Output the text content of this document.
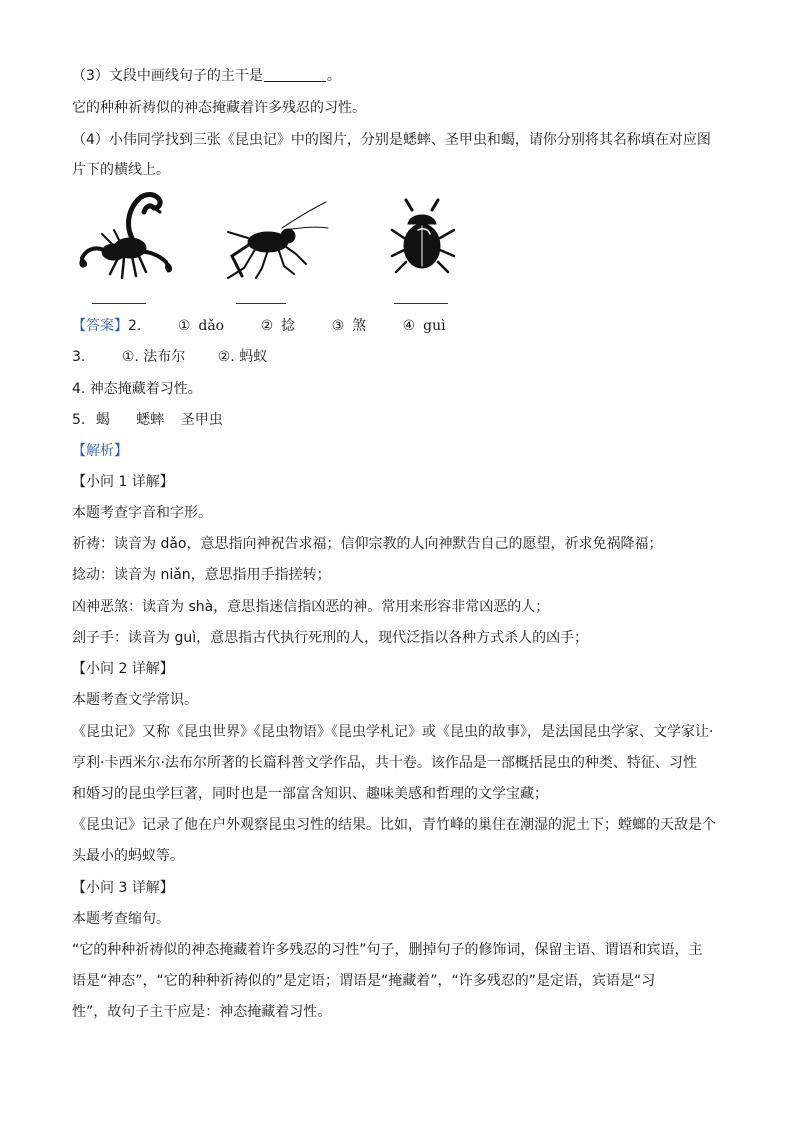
（3）文段中画线句子的主干是	。
它的种种祈祷似的神态掩藏着许多残忍的习性。
（4）小伟同学找到三张《昆虫记》中的图片，分别是蟋蟀、圣甲虫和蝎，请你分别将其名称填在对应图
片下的横线上。
【答案】2.	① dǎo	② 捻	③ 煞	④ guì
3.	①. 法布尔 ②. 蚂蚁
4. 神态掩藏着习性。
5. 蝎 蟋蟀 圣甲虫
【解析】
【小问 1 详解】
本题考查字音和字形。
祈祷：读音为 dǎo，意思指向神祝告求福；信仰宗教的人向神默告自己的愿望，祈求免祸降福；
捻动：读音为 niǎn，意思指用手指搓转；
凶神恶煞：读音为 shà，意思指迷信指凶恶的神。常用来形容非常凶恶的人；
刽子手：读音为 guì，意思指古代执行死刑的人，现代泛指以各种方式杀人的凶手；
【小问 2 详解】
本题考查文学常识。
《昆虫记》又称《昆虫世界》《昆虫物语》《昆虫学札记》或《昆虫的故事》，是法国昆虫学家、文学家让·
亨利·卡西米尔·法布尔所著的长篇科普文学作品，共十卷。该作品是一部概括昆虫的种类、特征、习性
和婚习的昆虫学巨著，同时也是一部富含知识、趣味美感和哲理的文学宝藏；
《昆虫记》记录了他在户外观察昆虫习性的结果。比如，青竹峰的巢住在潮湿的泥土下；螳螂的天敌是个
头最小的蚂蚁等。
【小问 3 详解】
本题考查缩句。
“它的种种祈祷似的神态掩藏着许多残忍的习性”句子，删掉句子的修饰词，保留主语、谓语和宾语，主
语是“神态”，“它的种种祈祷似的”是定语；谓语是“掩藏着”，“许多残忍的”是定语，宾语是“习
性”，故句子主干应是：神态掩藏着习性。
